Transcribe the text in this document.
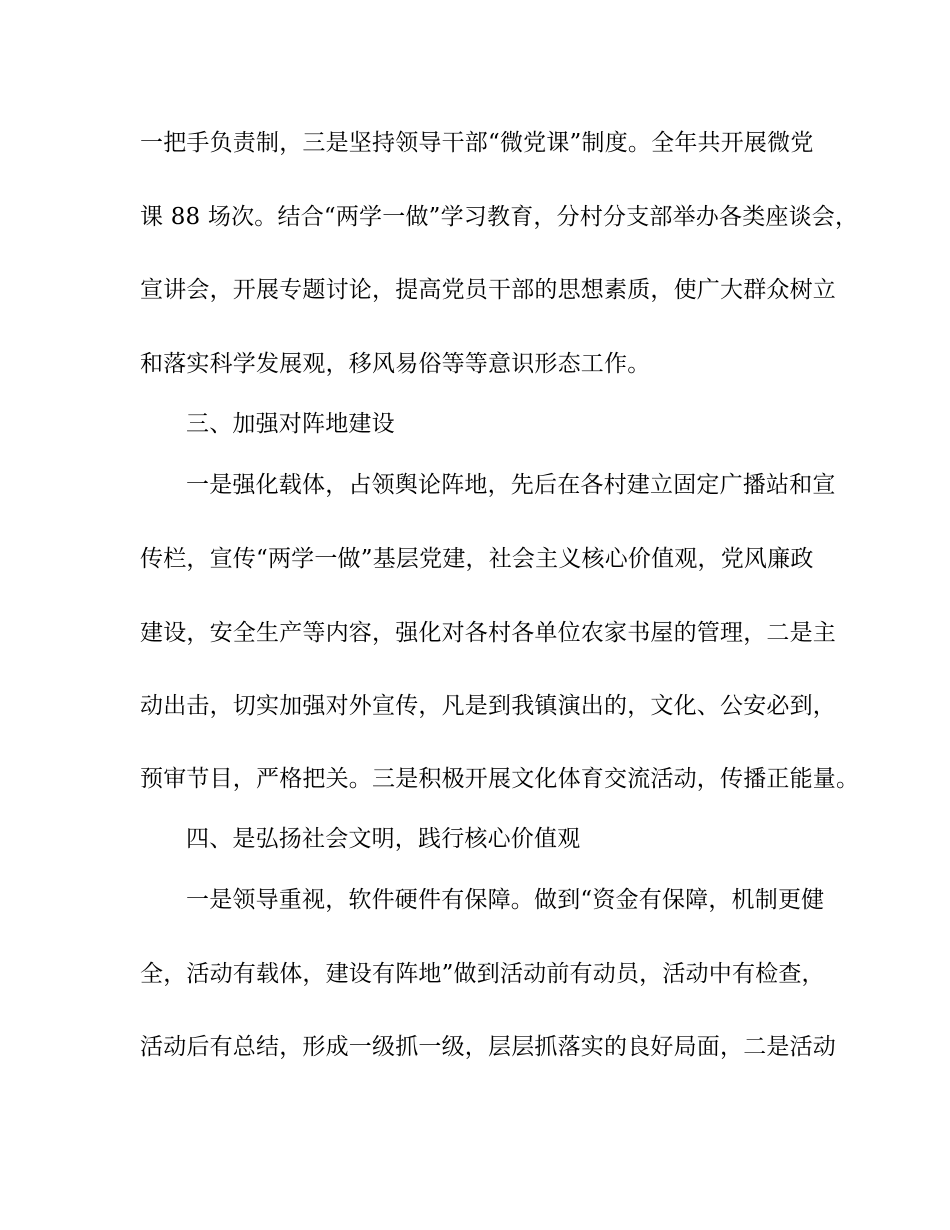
一把手负责制，三是坚持领导干部“微党课”制度。全年共开展微党
课 88 场次。结合“两学一做”学习教育，分村分支部举办各类座谈会，
宣讲会，开展专题讨论，提高党员干部的思想素质，使广大群众树立
和落实科学发展观，移风易俗等等意识形态工作。
三、加强对阵地建设
一是强化载体，占领舆论阵地，先后在各村建立固定广播站和宣
传栏，宣传“两学一做”基层党建，社会主义核心价值观，党风廉政
建设，安全生产等内容，强化对各村各单位农家书屋的管理，二是主
动出击，切实加强对外宣传，凡是到我镇演出的，文化、公安必到，
预审节目，严格把关。三是积极开展文化体育交流活动，传播正能量。
四、是弘扬社会文明，践行核心价值观
一是领导重视，软件硬件有保障。做到“资金有保障，机制更健
全，活动有载体，建设有阵地”做到活动前有动员，活动中有检查，
活动后有总结，形成一级抓一级，层层抓落实的良好局面，二是活动
